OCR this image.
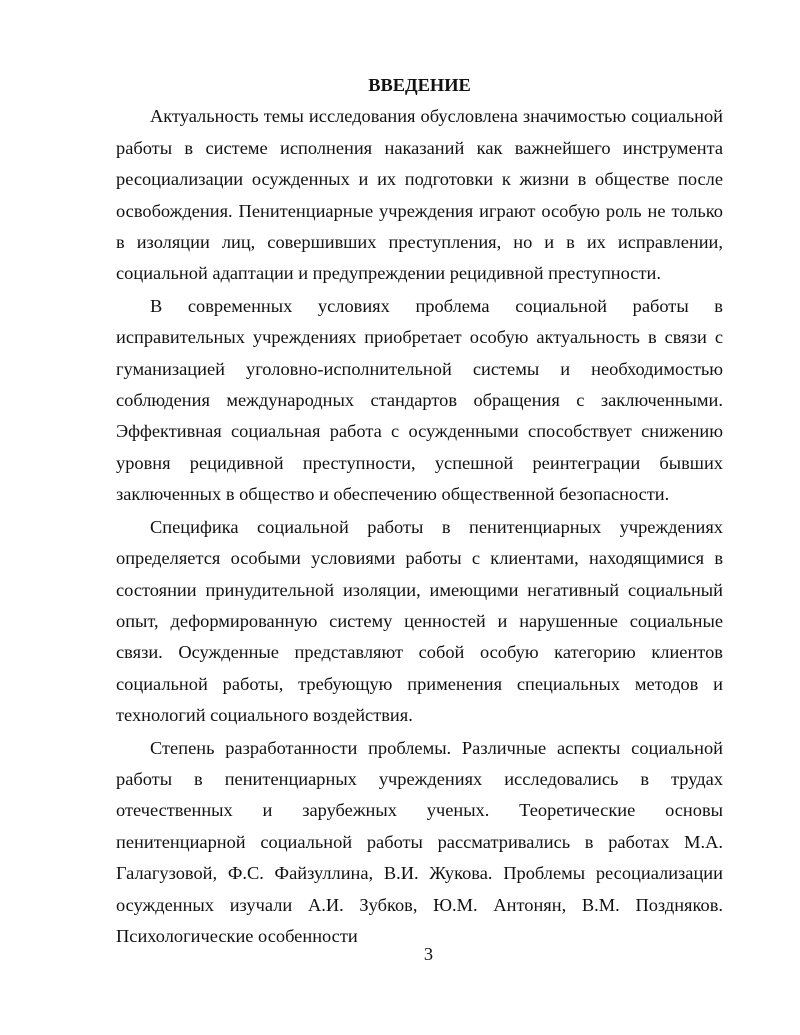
ВВЕДЕНИЕ

Актуальность темы исследования обусловлена значимостью социальной работы в системе исполнения наказаний как важнейшего инструмента ресоциализации осужденных и их подготовки к жизни в обществе после освобождения. Пенитенциарные учреждения играют особую роль не только в изоляции лиц, совершивших преступления, но и в их исправлении, социальной адаптации и предупреждении рецидивной преступности.

В современных условиях проблема социальной работы в исправительных учреждениях приобретает особую актуальность в связи с гуманизацией уголовно-исполнительной системы и необходимостью соблюдения международных стандартов обращения с заключенными. Эффективная социальная работа с осужденными способствует снижению уровня рецидивной преступности, успешной реинтеграции бывших заключенных в общество и обеспечению общественной безопасности.

Специфика социальной работы в пенитенциарных учреждениях определяется особыми условиями работы с клиентами, находящимися в состоянии принудительной изоляции, имеющими негативный социальный опыт, деформированную систему ценностей и нарушенные социальные связи. Осужденные представляют собой особую категорию клиентов социальной работы, требующую применения специальных методов и технологий социального воздействия.

Степень разработанности проблемы. Различные аспекты социальной работы в пенитенциарных учреждениях исследовались в трудах отечественных и зарубежных ученых. Теоретические основы пенитенциарной социальной работы рассматривались в работах М.А. Галагузовой, Ф.С. Файзуллина, В.И. Жукова. Проблемы ресоциализации осужденных изучали А.И. Зубков, Ю.М. Антонян, В.М. Поздняков. Психологические особенности

3
